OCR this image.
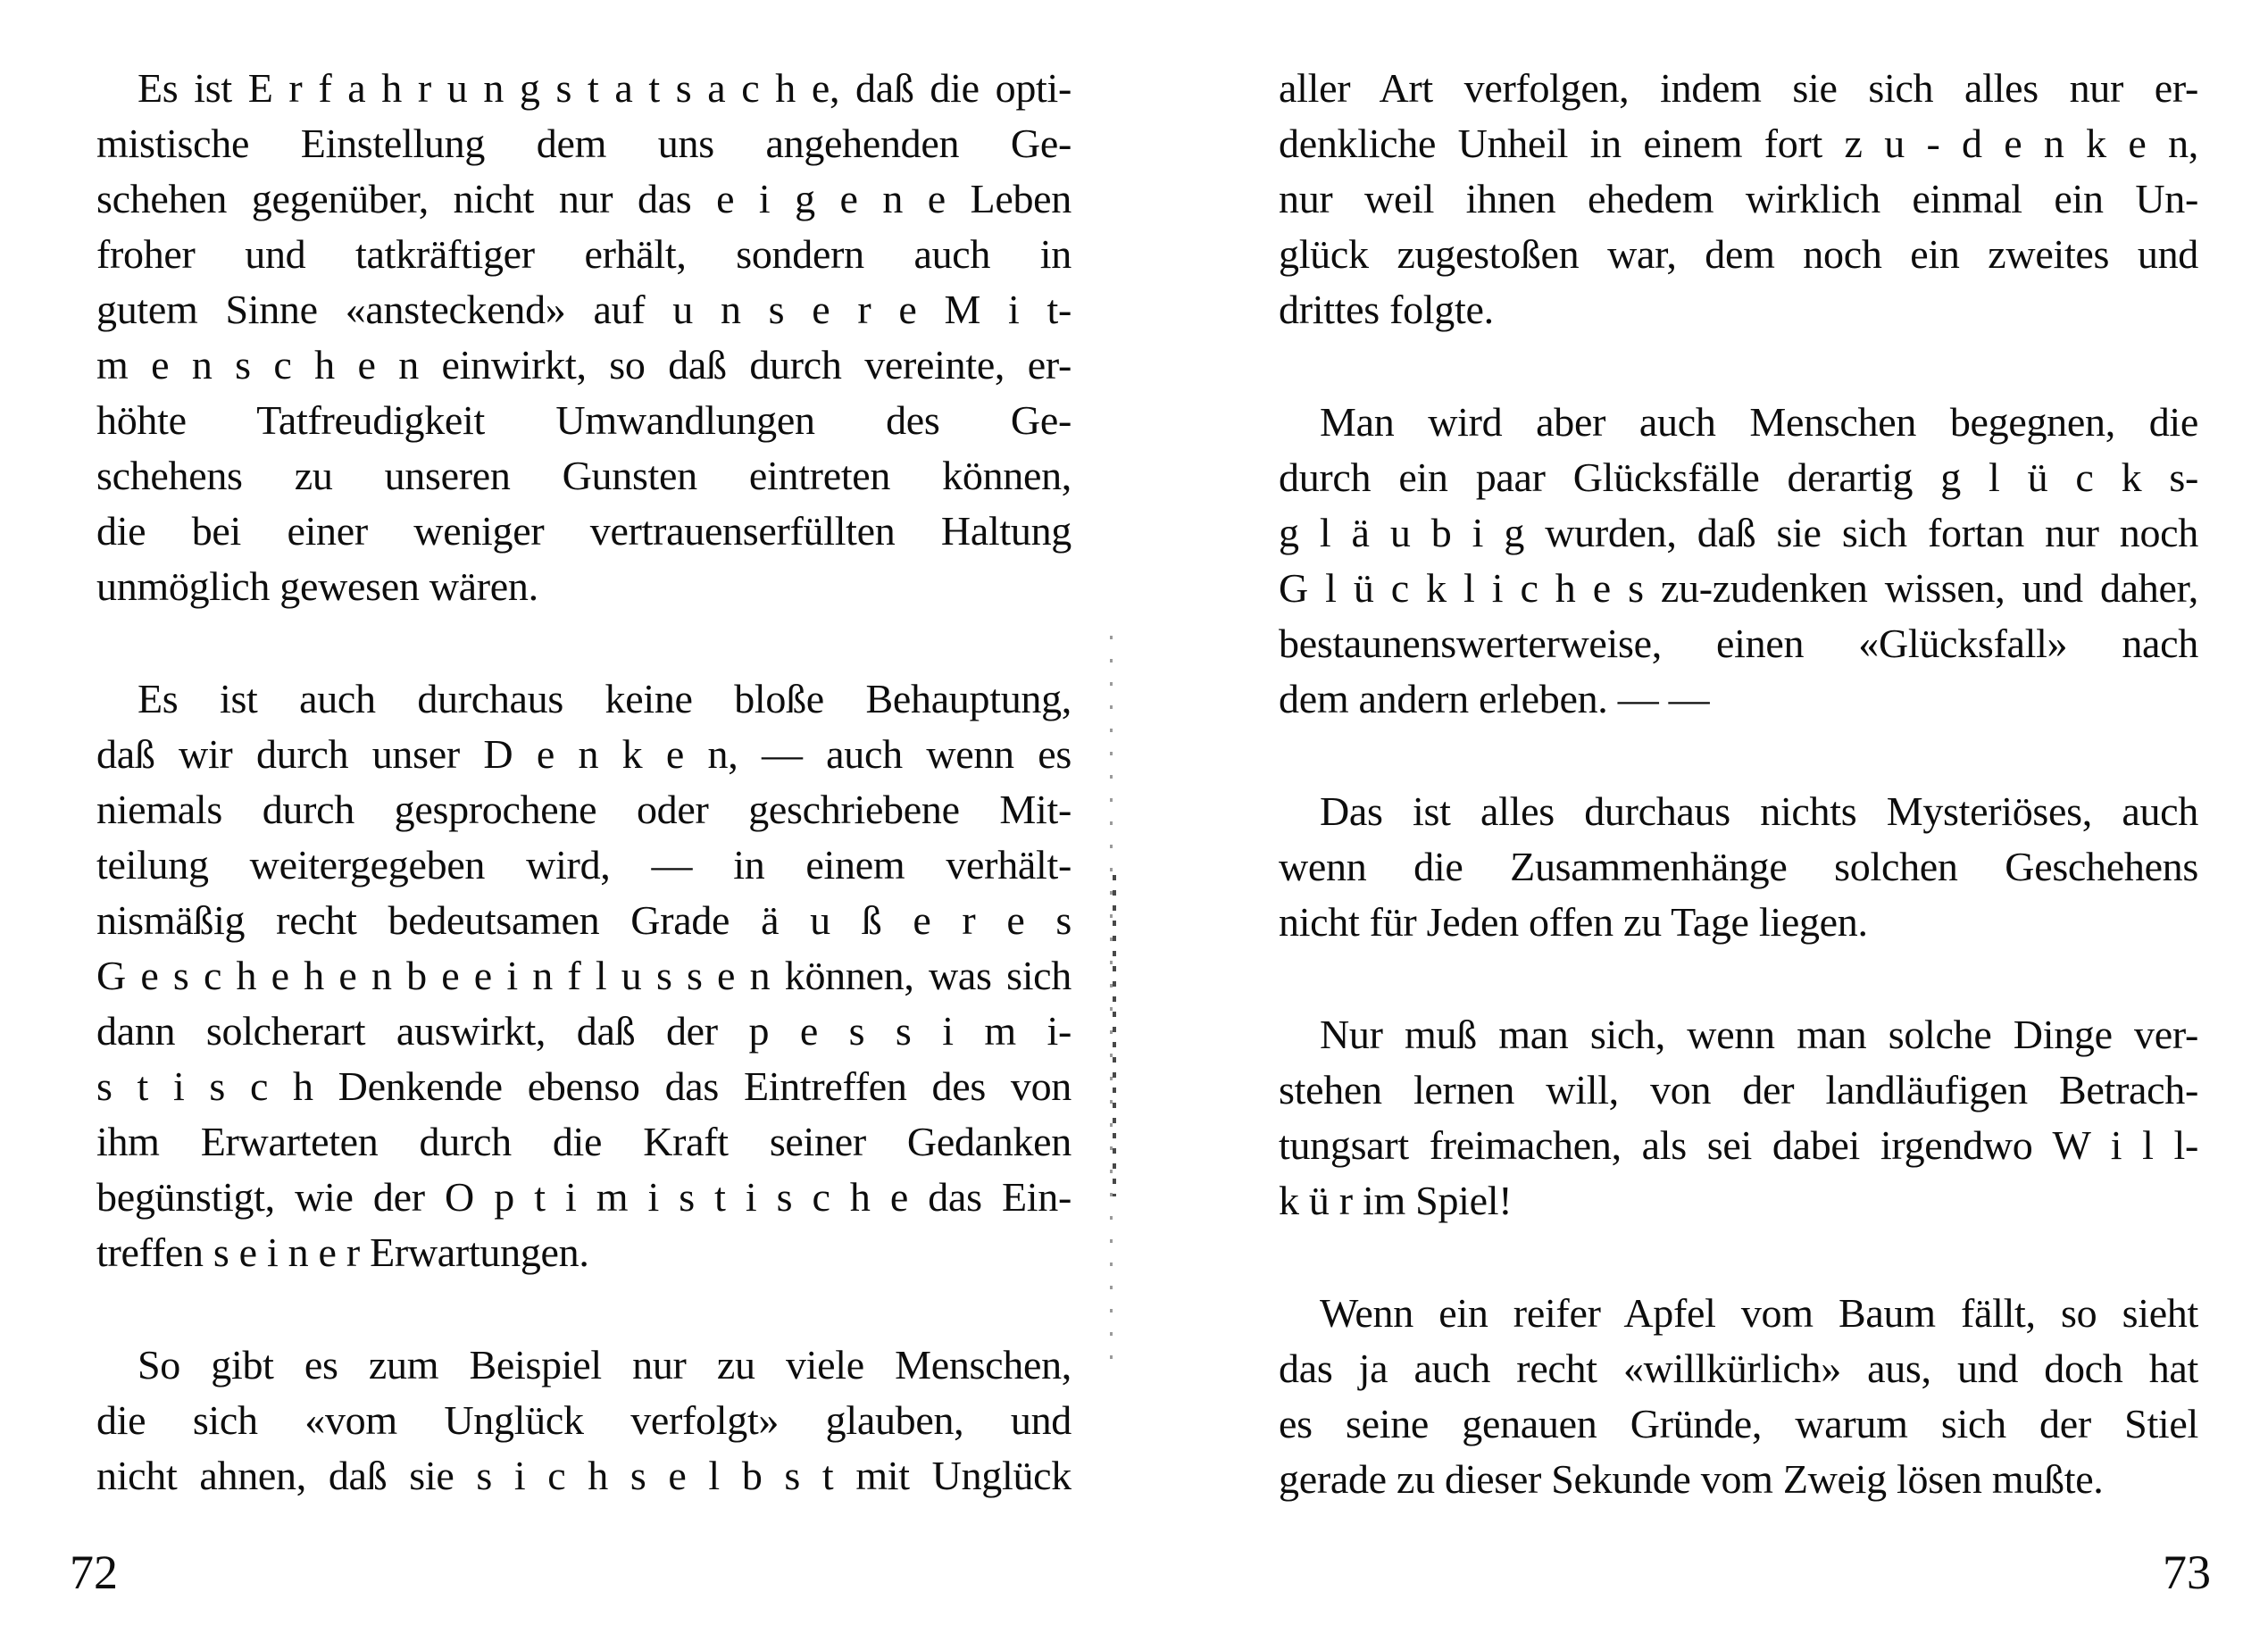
Es ist E r f a h r u n g s t a t s a c h e, daß die opti-
mistische Einstellung dem uns angehenden Ge-
schehen gegenüber, nicht nur das e i g e n e Leben
froher und tatkräftiger erhält, sondern auch in
gutem Sinne «ansteckend» auf u n s e r e M i t-
m e n s c h e n einwirkt, so daß durch vereinte, er-
höhte Tatfreudigkeit Umwandlungen des Ge-
schehens zu unseren Gunsten eintreten können,
die bei einer weniger vertrauenserfüllten Haltung
unmöglich gewesen wären.
Es ist auch durchaus keine bloße Behauptung,
daß wir durch unser D e n k e n, — auch wenn es
niemals durch gesprochene oder geschriebene Mit-
teilung weitergegeben wird, — in einem verhält-
nismäßig recht bedeutsamen Grade ä u ß e r e s
G e s c h e h e n b e e i n f l u s s e n können, was sich
dann solcherart auswirkt, daß der p e s s i m i-
s t i s c h Denkende ebenso das Eintreffen des von
ihm Erwarteten durch die Kraft seiner Gedanken
begünstigt, wie der O p t i m i s t i s c h e das Ein-
treffen s e i n e r Erwartungen.
So gibt es zum Beispiel nur zu viele Menschen,
die sich «vom Unglück verfolgt» glauben, und
nicht ahnen, daß sie s i c h s e l b s t mit Unglück
aller Art verfolgen, indem sie sich alles nur er-
denkliche Unheil in einem fort z u - d e n k e n,
nur weil ihnen ehedem wirklich einmal ein Un-
glück zugestoßen war, dem noch ein zweites und
drittes folgte.
Man wird aber auch Menschen begegnen, die
durch ein paar Glücksfälle derartig g l ü c k s-
g l ä u b i g wurden, daß sie sich fortan nur noch
G l ü c k l i c h e s zu-zudenken wissen, und daher,
bestaunenswerterweise, einen «Glücksfall» nach
dem andern erleben. — —
Das ist alles durchaus nichts Mysteriöses, auch
wenn die Zusammenhänge solchen Geschehens
nicht für Jeden offen zu Tage liegen.
Nur muß man sich, wenn man solche Dinge ver-
stehen lernen will, von der landläufigen Betrach-
tungsart freimachen, als sei dabei irgendwo W i l l-
k ü r im Spiel!
Wenn ein reifer Apfel vom Baum fällt, so sieht
das ja auch recht «willkürlich» aus, und doch hat
es seine genauen Gründe, warum sich der Stiel
gerade zu dieser Sekunde vom Zweig lösen mußte.
72	73
